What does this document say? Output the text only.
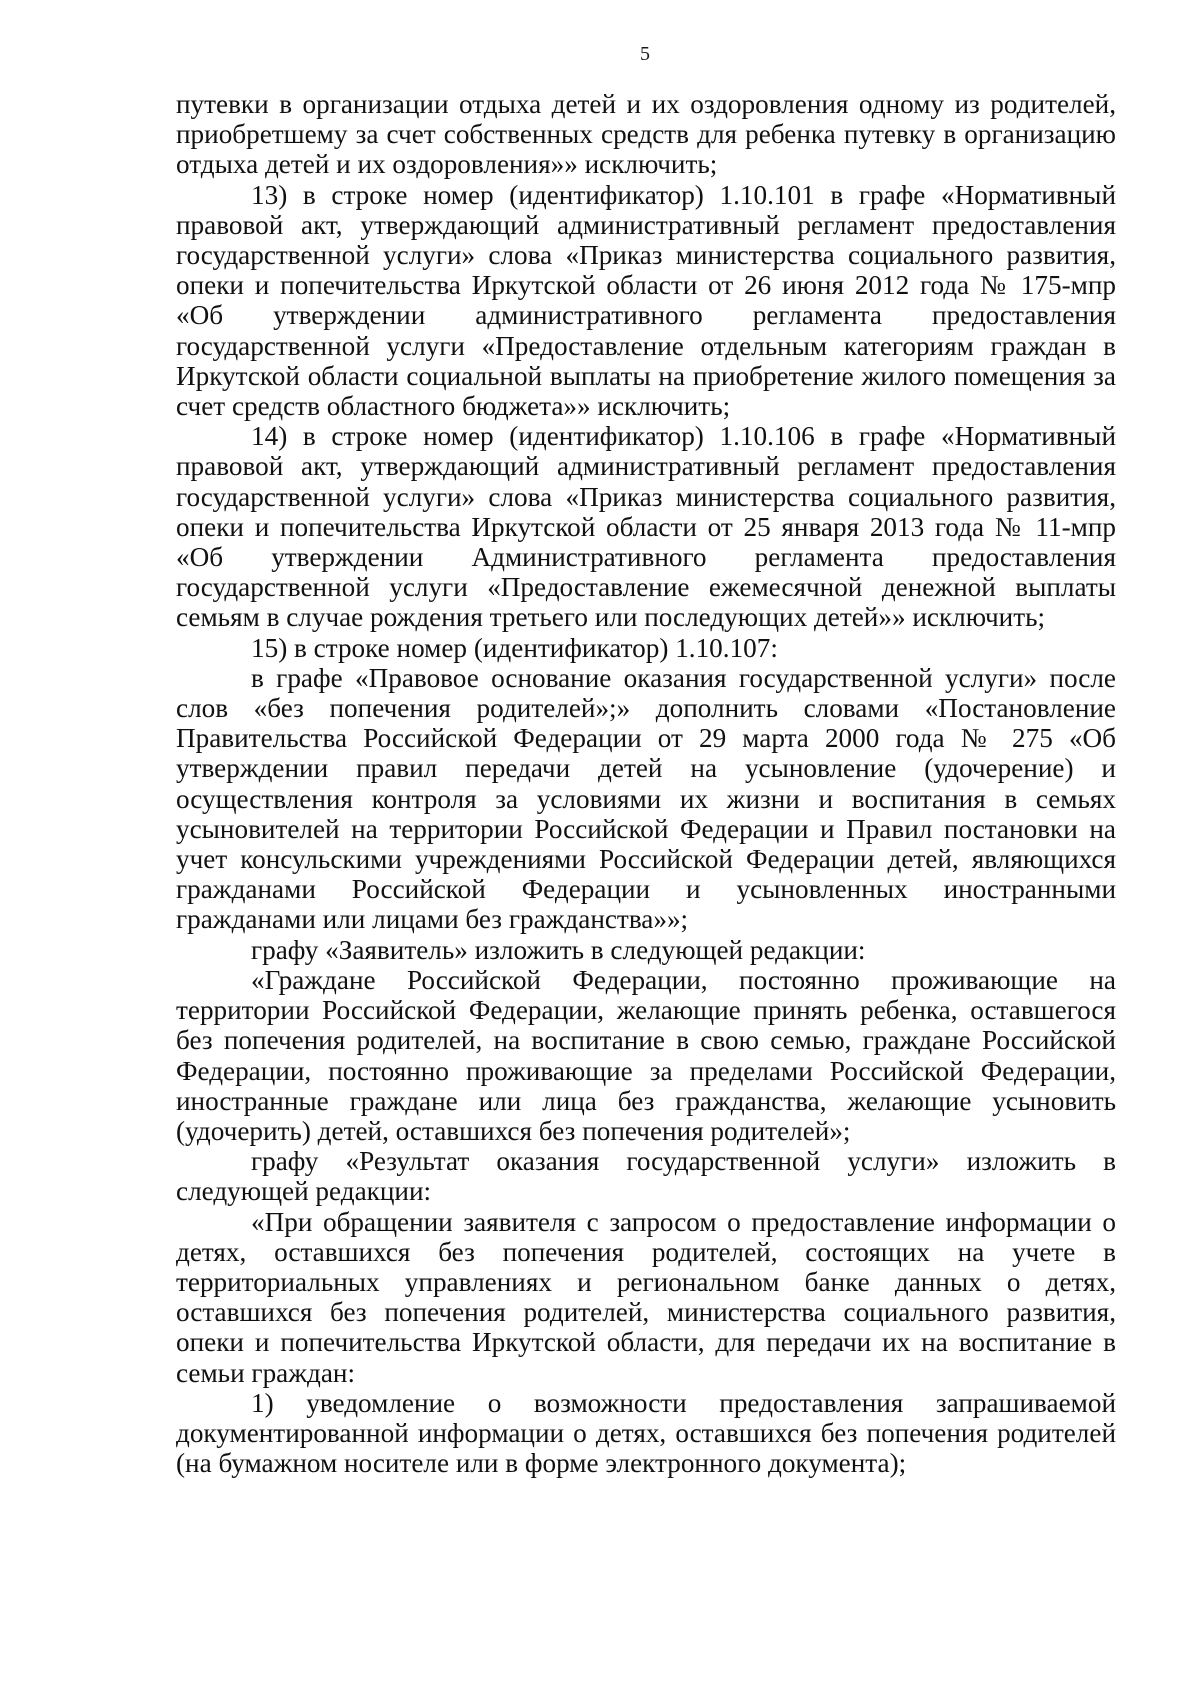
5

путевки в организации отдыха детей и их оздоровления одному из родителей, приобретшему за счет собственных средств для ребенка путевку в организацию отдыха детей и их оздоровления»» исключить;

13) в строке номер (идентификатор) 1.10.101 в графе «Нормативный правовой акт, утверждающий административный регламент предоставления государственной услуги» слова «Приказ министерства социального развития, опеки и попечительства Иркутской области от 26 июня 2012 года № 175-мпр «Об утверждении административного регламента предоставления государственной услуги «Предоставление отдельным категориям граждан в Иркутской области социальной выплаты на приобретение жилого помещения за счет средств областного бюджета»» исключить;

14) в строке номер (идентификатор) 1.10.106 в графе «Нормативный правовой акт, утверждающий административный регламент предоставления государственной услуги» слова «Приказ министерства социального развития, опеки и попечительства Иркутской области от 25 января 2013 года № 11-мпр «Об утверждении Административного регламента предоставления государственной услуги «Предоставление ежемесячной денежной выплаты семьям в случае рождения третьего или последующих детей»» исключить;

15) в строке номер (идентификатор) 1.10.107:

в графе «Правовое основание оказания государственной услуги» после слов «без попечения родителей»;» дополнить словами «Постановление Правительства Российской Федерации от 29 марта 2000 года № 275 «Об утверждении правил передачи детей на усыновление (удочерение) и осуществления контроля за условиями их жизни и воспитания в семьях усыновителей на территории Российской Федерации и Правил постановки на учет консульскими учреждениями Российской Федерации детей, являющихся гражданами Российской Федерации и усыновленных иностранными гражданами или лицами без гражданства»»;

графу «Заявитель» изложить в следующей редакции:

«Граждане Российской Федерации, постоянно проживающие на территории Российской Федерации, желающие принять ребенка, оставшегося без попечения родителей, на воспитание в свою семью, граждане Российской Федерации, постоянно проживающие за пределами Российской Федерации, иностранные граждане или лица без гражданства, желающие усыновить (удочерить) детей, оставшихся без попечения родителей»;

графу «Результат оказания государственной услуги» изложить в следующей редакции:

«При обращении заявителя с запросом о предоставление информации о детях, оставшихся без попечения родителей, состоящих на учете в территориальных управлениях и региональном банке данных о детях, оставшихся без попечения родителей, министерства социального развития, опеки и попечительства Иркутской области, для передачи их на воспитание в семьи граждан:

1) уведомление о возможности предоставления запрашиваемой документированной информации о детях, оставшихся без попечения родителей (на бумажном носителе или в форме электронного документа);
